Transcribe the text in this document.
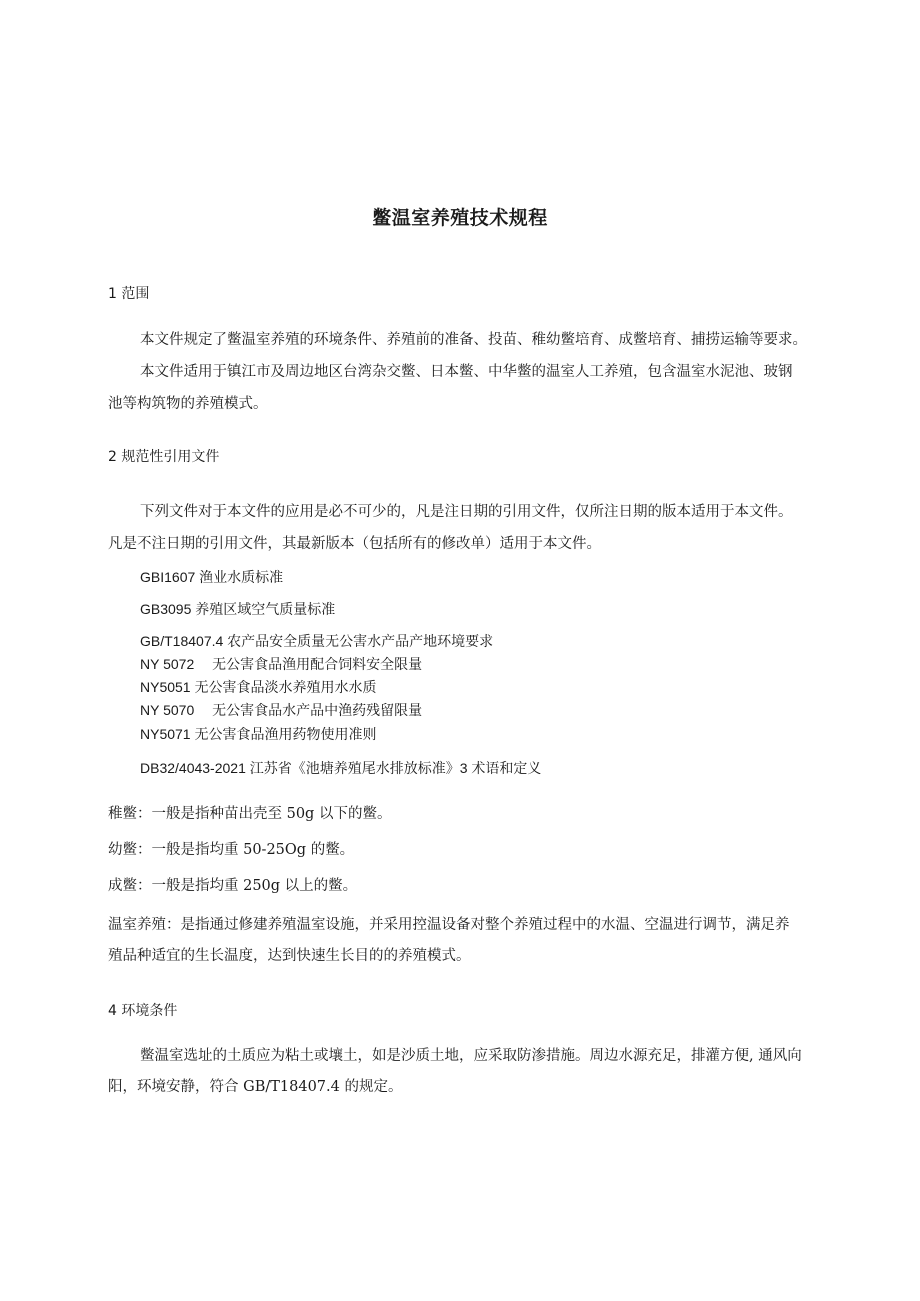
鳖温室养殖技术规程
1 范围
本文件规定了鳖温室养殖的环境条件、养殖前的准备、投苗、稚幼鳖培育、成鳖培育、捕捞运输等要求。
本文件适用于镇江市及周边地区台湾杂交鳖、日本鳖、中华鳖的温室人工养殖，包含温室水泥池、玻钢
池等构筑物的养殖模式。
2 规范性引用文件
下列文件对于本文件的应用是必不可少的，凡是注日期的引用文件，仅所注日期的版本适用于本文件。
凡是不注日期的引用文件，其最新版本（包括所有的修改单）适用于本文件。
GBI1607 渔业水质标准
GB3095 养殖区域空气质量标准
GB/T18407.4 农产品安全质量无公害水产品产地环境要求
NY 5072　 无公害食品渔用配合饲料安全限量
NY5051 无公害食品淡水养殖用水水质
NY 5070　 无公害食品水产品中渔药残留限量
NY5071 无公害食品渔用药物使用准则
DB32/4043-2021 江苏省《池塘养殖尾水排放标准》3 术语和定义
稚鳖：一般是指种苗出壳至 50g 以下的鳖。
幼鳖：一般是指均重 50-25Og 的鳖。
成鳖：一般是指均重 250g 以上的鳖。
温室养殖：是指通过修建养殖温室设施，并采用控温设备对整个养殖过程中的水温、空温进行调节，满足养
殖品种适宜的生长温度，达到快速生长目的的养殖模式。
4 环境条件
鳖温室选址的土质应为粘土或壤土，如是沙质土地，应采取防渗措施。周边水源充足，排灌方便, 通风向
阳，环境安静，符合 GB/T18407.4 的规定。
